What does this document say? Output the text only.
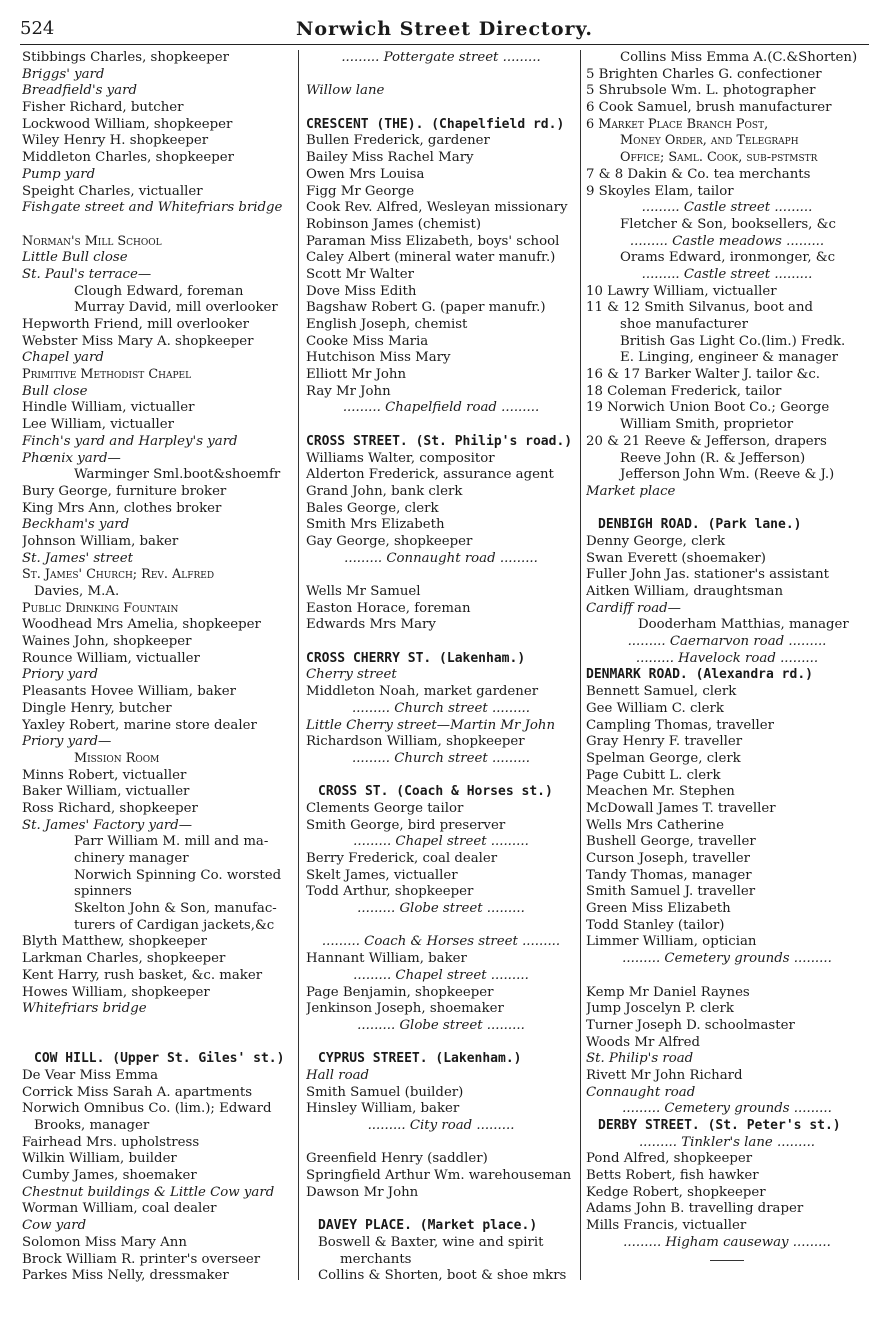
524	Norwich Street Directory.
Stibbings Charles, shopkeeper
Briggs' yard
Breadfield's yard
Fisher Richard, butcher
Lockwood William, shopkeeper
Wiley Henry H. shopkeeper
Middleton Charles, shopkeeper
Pump yard
Speight Charles, victualler
Fishgate street and Whitefriars bridge
Norman's Mill School
Little Bull close
St. Paul's terrace—
Clough Edward, foreman
Murray David, mill overlooker
Hepworth Friend, mill overlooker
Webster Miss Mary A. shopkeeper
Chapel yard
Primitive Methodist Chapel
Bull close
Hindle William, victualler
Lee William, victualler
Finch's yard and Harpley's yard
Phœnix yard—
Warminger Sml.boot&shoemfr
Bury George, furniture broker
King Mrs Ann, clothes broker
Beckham's yard
Johnson William, baker
St. James' street
St. James' Church; Rev. Alfred
Davies, M.A.
Public Drinking Fountain
Woodhead Mrs Amelia, shopkeeper
Waines John, shopkeeper
Rounce William, victualler
Priory yard
Pleasants Hovee William, baker
Dingle Henry, butcher
Yaxley Robert, marine store dealer
Priory yard—
Mission Room
Minns Robert, victualler
Baker William, victualler
Ross Richard, shopkeeper
St. James' Factory yard—
Parr William M. mill and ma-
chinery manager
Norwich Spinning Co. worsted
spinners
Skelton John & Son, manufac-
turers of Cardigan jackets,&c
Blyth Matthew, shopkeeper
Larkman Charles, shopkeeper
Kent Harry, rush basket, &c. maker
Howes William, shopkeeper
Whitefriars bridge
COW HILL. (Upper St. Giles' st.)
De Vear Miss Emma
Corrick Miss Sarah A. apartments
Norwich Omnibus Co. (lim.); Edward
Brooks, manager
Fairhead Mrs. upholstress
Wilkin William, builder
Cumby James, shoemaker
Chestnut buildings & Little Cow yard
Worman William, coal dealer
Cow yard
Solomon Miss Mary Ann
Brock William R. printer's overseer
Parkes Miss Nelly, dressmaker
......... Pottergate street .........
Willow lane
CRESCENT (THE). (Chapelfield rd.)
Bullen Frederick, gardener
Bailey Miss Rachel Mary
Owen Mrs Louisa
Figg Mr George
Cook Rev. Alfred, Wesleyan missionary
Robinson James (chemist)
Paraman Miss Elizabeth, boys' school
Caley Albert (mineral water manufr.)
Scott Mr Walter
Dove Miss Edith
Bagshaw Robert G. (paper manufr.)
English Joseph, chemist
Cooke Miss Maria
Hutchison Miss Mary
Elliott Mr John
Ray Mr John
......... Chapelfield road .........
CROSS STREET. (St. Philip's road.)
Williams Walter, compositor
Alderton Frederick, assurance agent
Grand John, bank clerk
Bales George, clerk
Smith Mrs Elizabeth
Gay George, shopkeeper
......... Connaught road .........
Wells Mr Samuel
Easton Horace, foreman
Edwards Mrs Mary
CROSS CHERRY ST. (Lakenham.)
Cherry street
Middleton Noah, market gardener
......... Church street .........
Little Cherry street—Martin Mr John
Richardson William, shopkeeper
......... Church street .........
CROSS ST. (Coach & Horses st.)
Clements George tailor
Smith George, bird preserver
......... Chapel street .........
Berry Frederick, coal dealer
Skelt James, victualler
Todd Arthur, shopkeeper
......... Globe street .........
......... Coach & Horses street .........
Hannant William, baker
......... Chapel street .........
Page Benjamin, shopkeeper
Jenkinson Joseph, shoemaker
......... Globe street .........
CYPRUS STREET. (Lakenham.)
Hall road
Smith Samuel (builder)
Hinsley William, baker
......... City road .........
Greenfield Henry (saddler)
Springfield Arthur Wm. warehouseman
Dawson Mr John
DAVEY PLACE. (Market place.)
Boswell & Baxter, wine and spirit
merchants
Collins & Shorten, boot & shoe mkrs
Collins Miss Emma A.(C.&Shorten)
5 Brighten Charles G. confectioner
5 Shrubsole Wm. L. photographer
6 Cook Samuel, brush manufacturer
6 Market Place Branch Post,
Money Order, and Telegraph
Office; Saml. Cook, sub-pstmstr
7 & 8 Dakin & Co. tea merchants
9 Skoyles Elam, tailor
......... Castle street .........
Fletcher & Son, booksellers, &c
......... Castle meadows .........
Orams Edward, ironmonger, &c
......... Castle street .........
10 Lawry William, victualler
11 & 12 Smith Silvanus, boot and
shoe manufacturer
British Gas Light Co.(lim.) Fredk.
E. Linging, engineer & manager
16 & 17 Barker Walter J. tailor &c.
18 Coleman Frederick, tailor
19 Norwich Union Boot Co.; George
William Smith, proprietor
20 & 21 Reeve & Jefferson, drapers
Reeve John (R. & Jefferson)
Jefferson John Wm. (Reeve & J.)
Market place
DENBIGH ROAD. (Park lane.)
Denny George, clerk
Swan Everett (shoemaker)
Fuller John Jas. stationer's assistant
Aitken William, draughtsman
Cardiff road—
Dooderham Matthias, manager
......... Caernarvon road .........
......... Havelock road .........
DENMARK ROAD. (Alexandra rd.)
Bennett Samuel, clerk
Gee William C. clerk
Campling Thomas, traveller
Gray Henry F. traveller
Spelman George, clerk
Page Cubitt L. clerk
Meachen Mr. Stephen
McDowall James T. traveller
Wells Mrs Catherine
Bushell George, traveller
Curson Joseph, traveller
Tandy Thomas, manager
Smith Samuel J. traveller
Green Miss Elizabeth
Todd Stanley (tailor)
Limmer William, optician
......... Cemetery grounds .........
Kemp Mr Daniel Raynes
Jump Joscelyn P. clerk
Turner Joseph D. schoolmaster
Woods Mr Alfred
St. Philip's road
Rivett Mr John Richard
Connaught road
......... Cemetery grounds .........
DERBY STREET. (St. Peter's st.)
......... Tinkler's lane .........
Pond Alfred, shopkeeper
Betts Robert, fish hawker
Kedge Robert, shopkeeper
Adams John B. travelling draper
Mills Francis, victualler
......... Higham causeway .........
